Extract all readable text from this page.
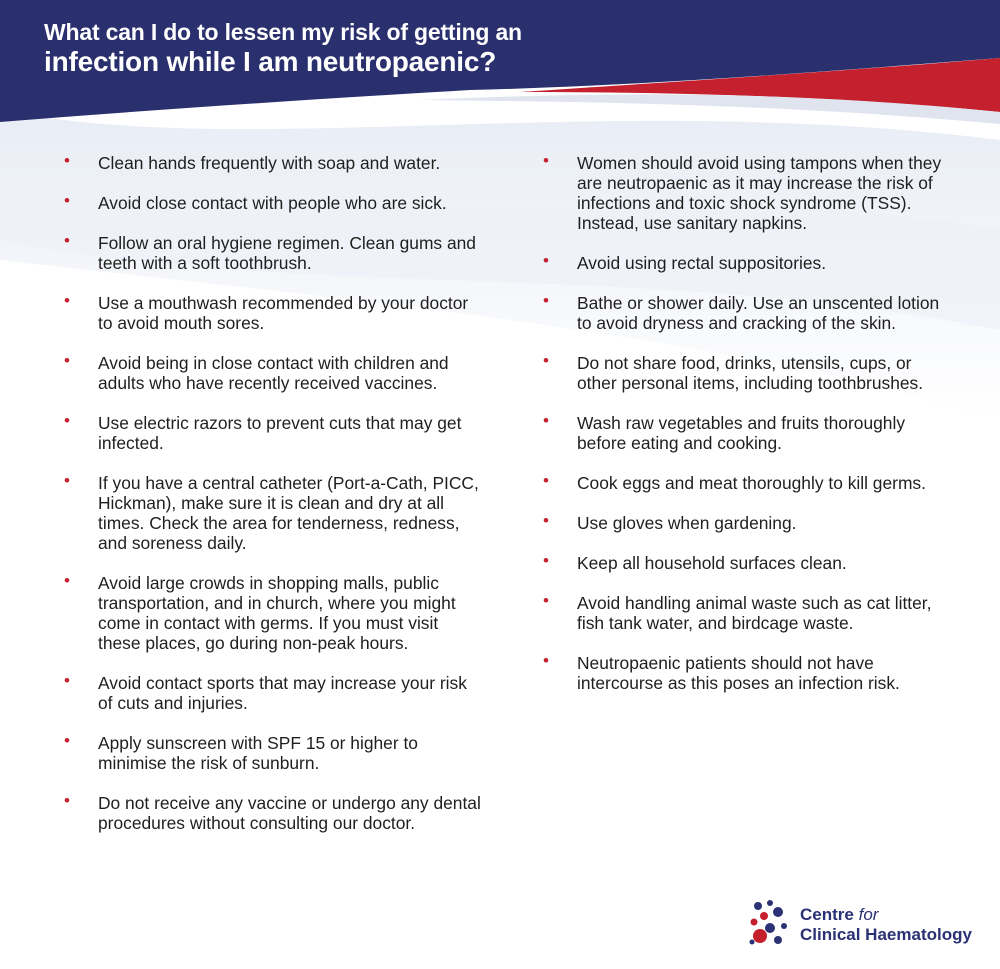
What can I do to lessen my risk of getting an
infection while I am neutropaenic?
• Clean hands frequently with soap and water.
• Avoid close contact with people who are sick.
• Follow an oral hygiene regimen. Clean gums and teeth with a soft toothbrush.
• Use a mouthwash recommended by your doctor to avoid mouth sores.
• Avoid being in close contact with children and adults who have recently received vaccines.
• Use electric razors to prevent cuts that may get infected.
• If you have a central catheter (Port-a-Cath, PICC, Hickman), make sure it is clean and dry at all times. Check the area for tenderness, redness, and soreness daily.
• Avoid large crowds in shopping malls, public transportation, and in church, where you might come in contact with germs. If you must visit these places, go during non-peak hours.
• Avoid contact sports that may increase your risk of cuts and injuries.
• Apply sunscreen with SPF 15 or higher to minimise the risk of sunburn.
• Do not receive any vaccine or undergo any dental procedures without consulting our doctor.
• Women should avoid using tampons when they are neutropaenic as it may increase the risk of infections and toxic shock syndrome (TSS). Instead, use sanitary napkins.
• Avoid using rectal suppositories.
• Bathe or shower daily. Use an unscented lotion to avoid dryness and cracking of the skin.
• Do not share food, drinks, utensils, cups, or other personal items, including toothbrushes.
• Wash raw vegetables and fruits thoroughly before eating and cooking.
• Cook eggs and meat thoroughly to kill germs.
• Use gloves when gardening.
• Keep all household surfaces clean.
• Avoid handling animal waste such as cat litter, fish tank water, and birdcage waste.
• Neutropaenic patients should not have intercourse as this poses an infection risk.
Centre for
Clinical Haematology
